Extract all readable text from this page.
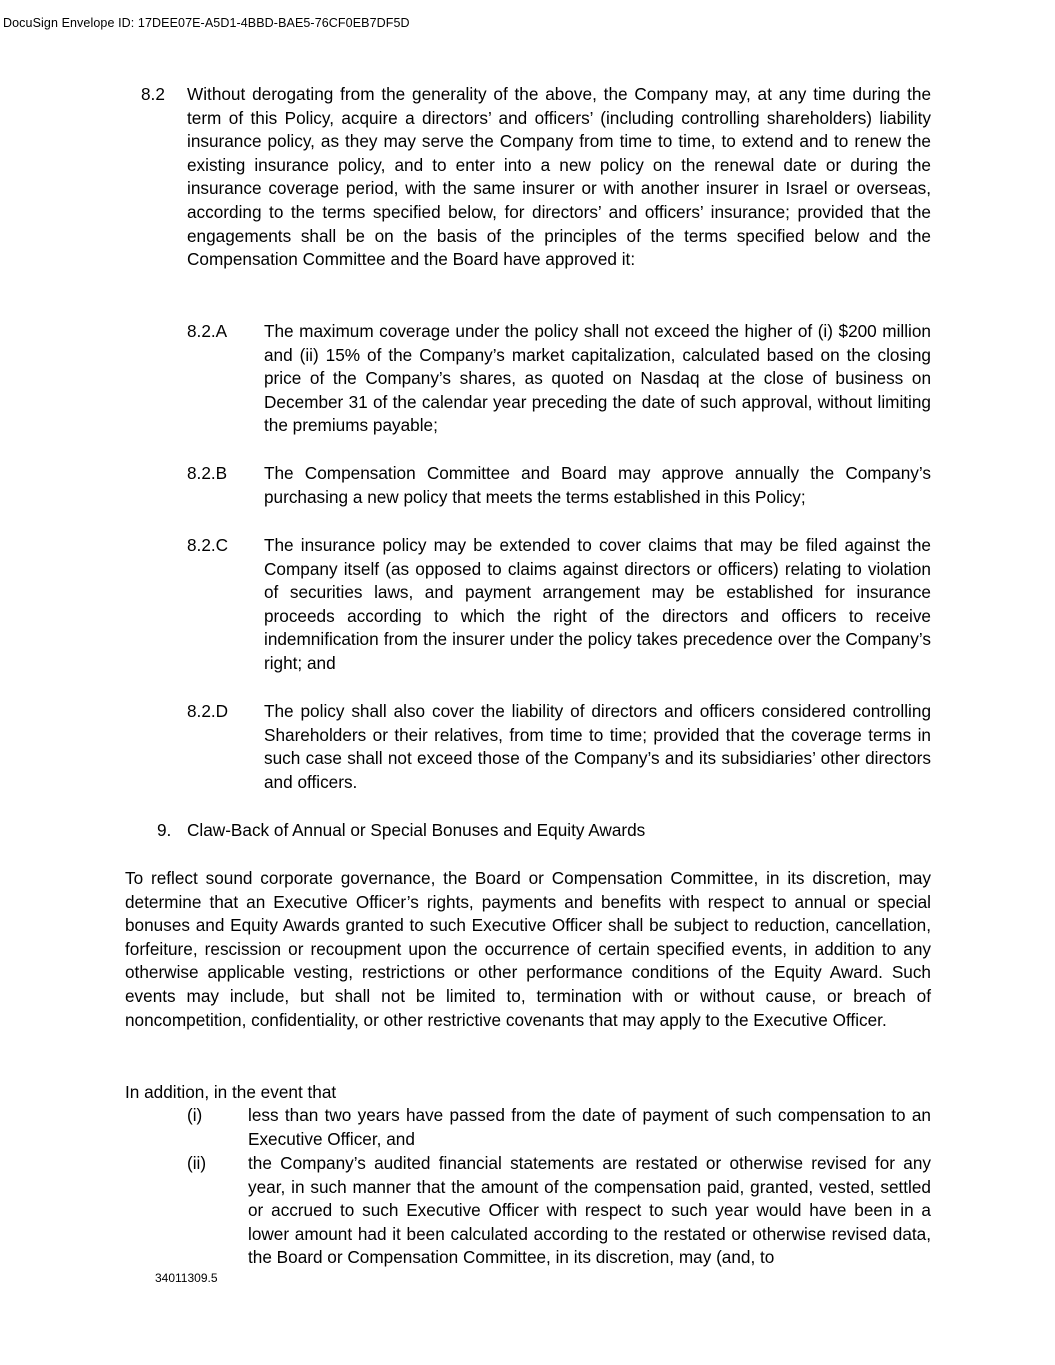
DocuSign Envelope ID: 17DEE07E-A5D1-4BBD-BAE5-76CF0EB7DF5D
8.2 Without derogating from the generality of the above, the Company may, at any time during the term of this Policy, acquire a directors’ and officers’ (including controlling shareholders) liability insurance policy, as they may serve the Company from time to time, to extend and to renew the existing insurance policy, and to enter into a new policy on the renewal date or during the insurance coverage period, with the same insurer or with another insurer in Israel or overseas, according to the terms specified below, for directors’ and officers’ insurance; provided that the engagements shall be on the basis of the principles of the terms specified below and the Compensation Committee and the Board have approved it:

8.2.A The maximum coverage under the policy shall not exceed the higher of (i) $200 million and (ii) 15% of the Company’s market capitalization, calculated based on the closing price of the Company’s shares, as quoted on Nasdaq at the close of business on December 31 of the calendar year preceding the date of such approval, without limiting the premiums payable;

8.2.B The Compensation Committee and Board may approve annually the Company’s purchasing a new policy that meets the terms established in this Policy;

8.2.C The insurance policy may be extended to cover claims that may be filed against the Company itself (as opposed to claims against directors or officers) relating to violation of securities laws, and payment arrangement may be established for insurance proceeds according to which the right of the directors and officers to receive indemnification from the insurer under the policy takes precedence over the Company’s right; and

8.2.D The policy shall also cover the liability of directors and officers considered controlling Shareholders or their relatives, from time to time; provided that the coverage terms in such case shall not exceed those of the Company’s and its subsidiaries’ other directors and officers.

9. Claw-Back of Annual or Special Bonuses and Equity Awards

To reflect sound corporate governance, the Board or Compensation Committee, in its discretion, may determine that an Executive Officer’s rights, payments and benefits with respect to annual or special bonuses and Equity Awards granted to such Executive Officer shall be subject to reduction, cancellation, forfeiture, rescission or recoupment upon the occurrence of certain specified events, in addition to any otherwise applicable vesting, restrictions or other performance conditions of the Equity Award. Such events may include, but shall not be limited to, termination with or without cause, or breach of noncompetition, confidentiality, or other restrictive covenants that may apply to the Executive Officer.

In addition, in the event that
(i)	less than two years have passed from the date of payment of such compensation to an Executive Officer, and

(ii) the Company’s audited financial statements are restated or otherwise revised for any year, in such manner that the amount of the compensation paid, granted, vested, settled or accrued to such Executive Officer with respect to such year would have been in a lower amount had it been calculated according to the restated or otherwise revised data, the Board or Compensation Committee, in its discretion, may (and, to

34011309.5
